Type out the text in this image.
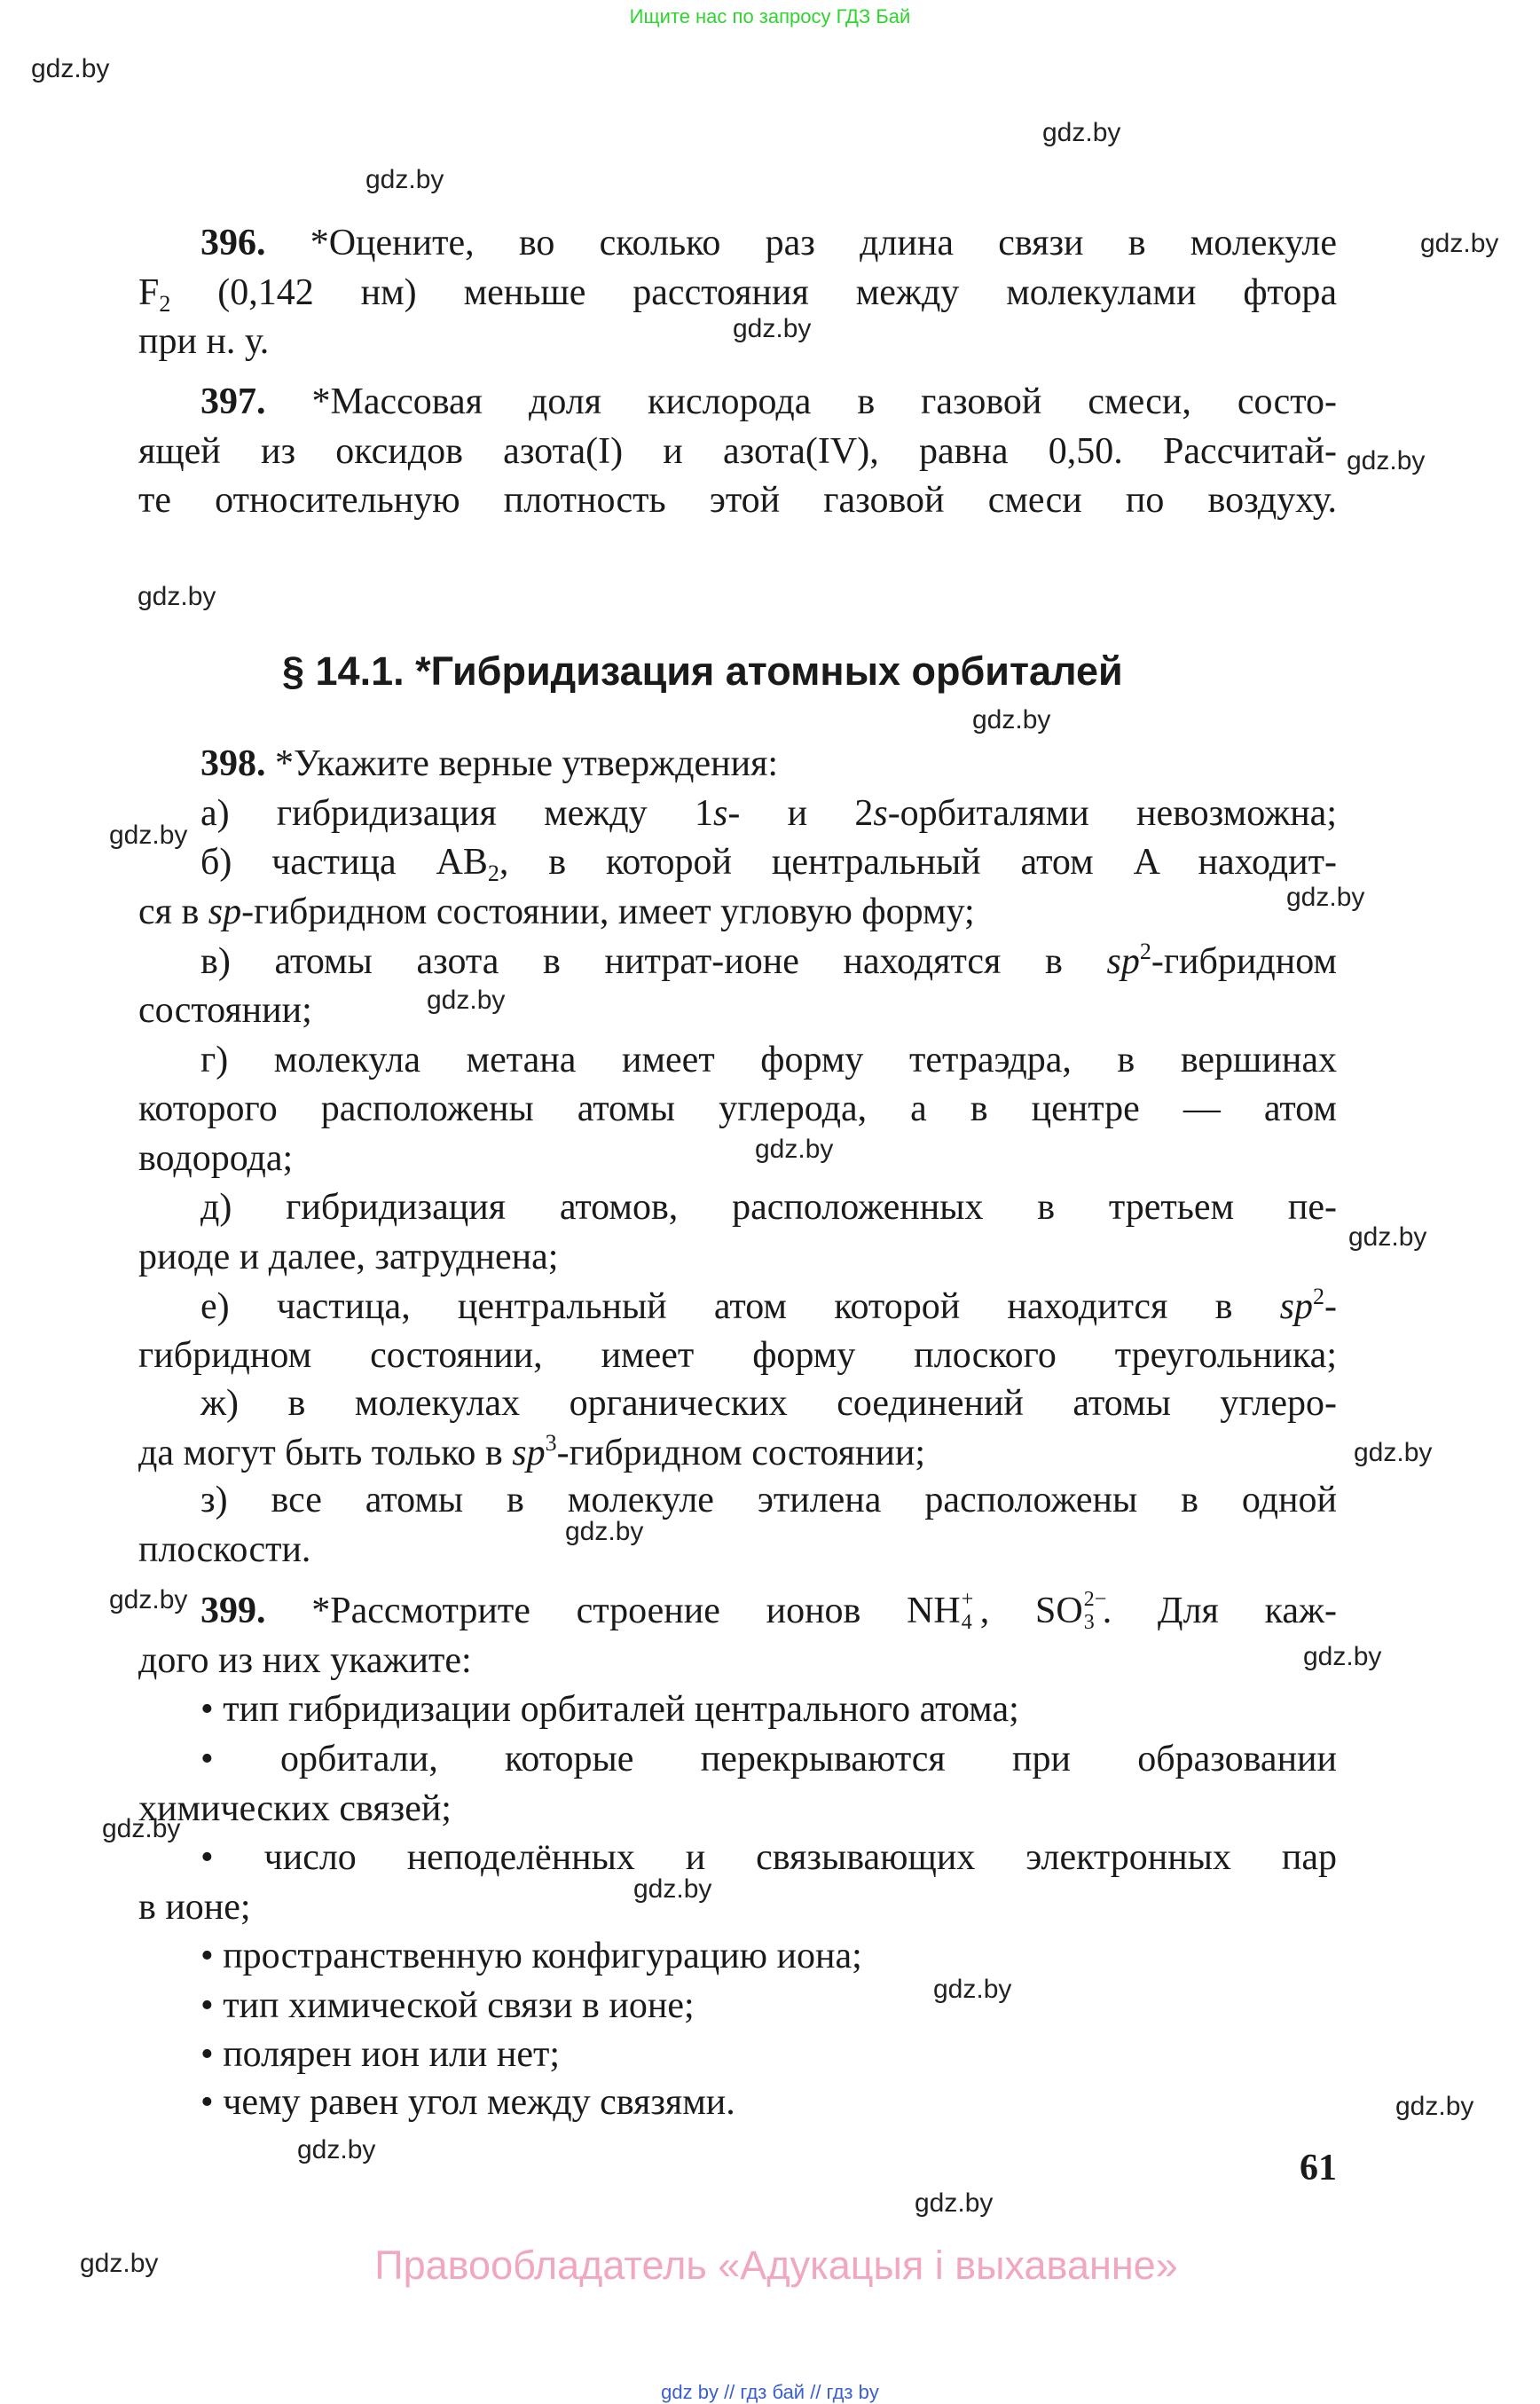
Ищите нас по запросу ГДЗ Бай
396. *Оцените, во сколько раз длина связи в молекуле
$F_2$ (0,142 нм) меньше расстояния между молекулами фтора
при н. у.
397. *Массовая доля кислорода в газовой смеси, состо-
ящей из оксидов азота(I) и азота(IV), равна 0,50. Рассчитай-
те относительную плотность этой газовой смеси по воздуху.
398. *Укажите верные утверждения:
а) гибридизация между 1s- и 2s-орбиталями невозможна;
б) частица $AB_2$, в которой центральный атом A находит-
ся в sp-гибридном состоянии, имеет угловую форму;
в) атомы азота в нитрат-ионе находятся в $sp^2$-гибридном
состоянии;
г) молекула метана имеет форму тетраэдра, в вершинах
которого расположены атомы углерода, а в центре — атом
водорода;
д) гибридизация атомов, расположенных в третьем пе-
риоде и далее, затруднена;
е) частица, центральный атом которой находится в $sp^2-$
гибридном состоянии, имеет форму плоского треугольника;
ж) в молекулах органических соединений атомы углеро-
да могут быть только в $sp^3$-гибридном состоянии;
з) все атомы в молекуле этилена расположены в одной
плоскости.
399. *Рассмотрите строение ионов NH +
4 , SO 2−
3 . Для каж-
дого из них укажите:
• тип гибридизации орбиталей центрального атома;
• орбитали, которые перекрываются при образовании
химических связей;
• число неподелённых и связывающих электронных пар
в ионе;
• пространственную конфигурацию иона;
• тип химической связи в ионе;
• полярен ион или нет;
• чему равен угол между связями.
§ 14.1. *Гибридизация атомных орбиталей
61
Правообладатель «Адукацыя і выхаванне»
gdz by // гдз бай // гдз by
gdz.by
gdz.by
gdz.by
gdz.by
gdz.by
gdz.by
gdz.by
gdz.by
gdz.by
gdz.by
gdz.by
gdz.by
gdz.by
gdz.by
gdz.by
gdz.by
gdz.by
gdz.by
gdz.by
gdz.by
gdz.by
gdz.by
gdz.by
gdz.by
